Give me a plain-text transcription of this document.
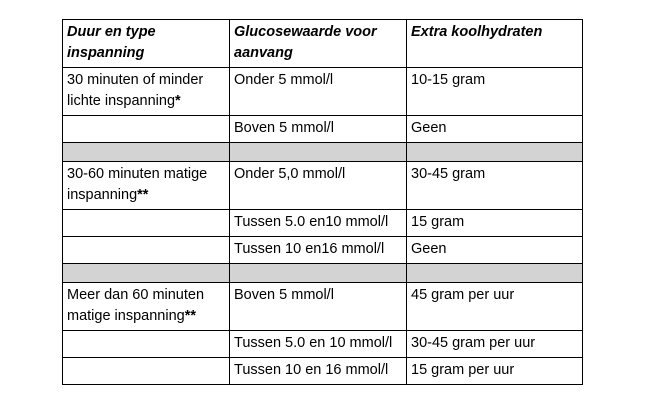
Duur en type inspanning	Glucosewaarde voor aanvang	Extra koolhydraten
30 minuten of minder lichte inspanning*	Onder 5 mmol/l	10-15 gram
	Boven 5 mmol/l	Geen

30-60 minuten matige inspanning**	Onder 5,0 mmol/l	30-45 gram
	Tussen 5.0 en10 mmol/l	15 gram
	Tussen 10 en16 mmol/l	Geen

Meer dan 60 minuten matige inspanning**	Boven 5 mmol/l	45 gram per uur
	Tussen 5.0 en 10 mmol/l	30-45 gram per uur
	Tussen 10 en 16 mmol/l	15 gram per uur
